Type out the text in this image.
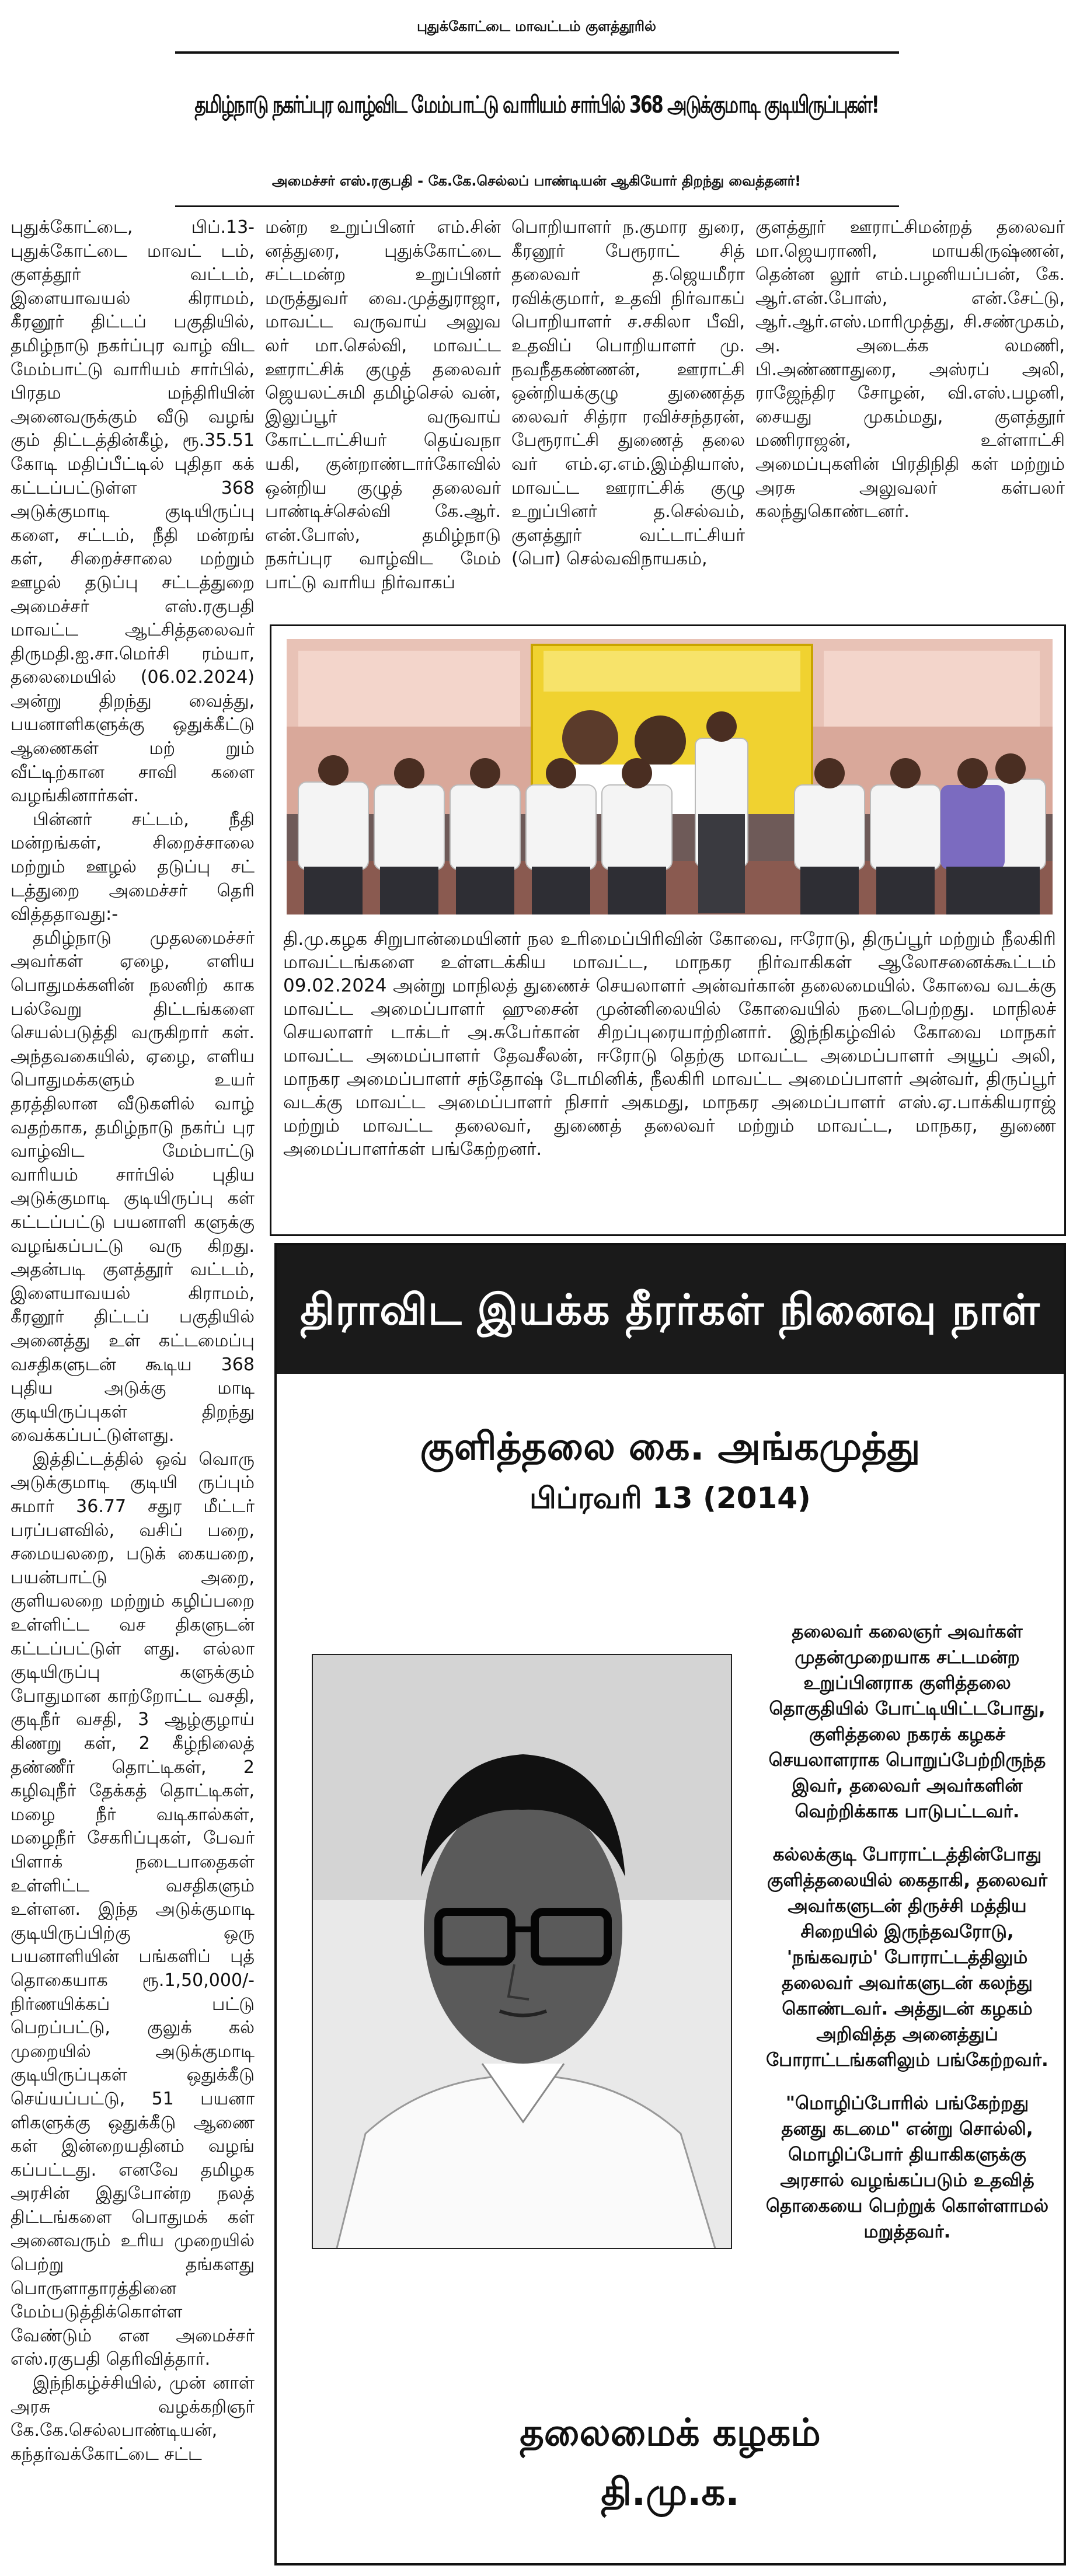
புதுக்கோட்டை மாவட்டம் குளத்தூரில்
தமிழ்நாடு நகர்ப்புர வாழ்விட மேம்பாட்டு வாரியம் சார்பில் 368 அடுக்குமாடி குடியிருப்புகள்!
அமைச்சர் எஸ்.ரகுபதி - கே.கே.செல்லப் பாண்டியன் ஆகியோர் திறந்து வைத்தனர்!

புதுக்கோட்டை, பிப்.13- புதுக்கோட்டை மாவட் டம், குளத்தூர் வட்டம், இளையாவயல் கிராமம், கீரனூர் திட்டப் பகுதியில், தமிழ்நாடு நகர்ப்புர வாழ் விட மேம்பாட்டு வாரியம் சார்பில், பிரதம மந்திரியின் அனைவருக்கும் வீடு வழங் கும் திட்டத்தின்கீழ், ரூ.35.51 கோடி மதிப்பீட்டில் புதிதா கக் கட்டப்பட்டுள்ள 368 அடுக்குமாடி குடியிருப்பு களை, சட்டம், நீதி மன்றங் கள், சிறைச்சாலை மற்றும் ஊழல் தடுப்பு சட்டத்துறை அமைச்சர் எஸ்.ரகுபதி மாவட்ட ஆட்சித்தலைவர் திருமதி.ஐ.சா.மெர்சி ரம்யா, தலைமையில் (06.02.2024) அன்று திறந்து வைத்து, பயனாளிகளுக்கு ஒதுக்கீட்டு ஆணைகள் மற் றும் வீட்டிற்கான சாவி களை வழங்கினார்கள்.

பின்னர் சட்டம், நீதி மன்றங்கள், சிறைச்சாலை மற்றும் ஊழல் தடுப்பு சட் டத்துறை அமைச்சர் தெரி வித்ததாவது:-

தமிழ்நாடு முதலமைச்சர் அவர்கள் ஏழை, எளிய பொதுமக்களின் நலனிற் காக பல்வேறு திட்டங்களை செயல்படுத்தி வருகிறார் கள். அந்தவகையில், ஏழை, எளிய பொதுமக்களும் உயர் தரத்திலான வீடுகளில் வாழ் வதற்காக, தமிழ்நாடு நகர்ப் புர வாழ்விட மேம்பாட்டு வாரியம் சார்பில் புதிய அடுக்குமாடி குடியிருப்பு கள் கட்டப்பட்டு பயனாளி களுக்கு வழங்கப்பட்டு வரு கிறது. அதன்படி குளத்தூர் வட்டம், இளையாவயல் கிராமம், கீரனூர் திட்டப் பகுதியில் அனைத்து உள் கட்டமைப்பு வசதிகளுடன் கூடிய 368 புதிய அடுக்கு மாடி குடியிருப்புகள் திறந்து வைக்கப்பட்டுள்ளது.

இத்திட்டத்தில் ஒவ் வொரு அடுக்குமாடி குடியி ருப்பும் சுமார் 36.77 சதுர மீட்டர் பரப்பளவில், வசிப் பறை, சமையலறை, படுக் கையறை, பயன்பாட்டு அறை, குளியலறை மற்றும் கழிப்பறை உள்ளிட்ட வச திகளுடன் கட்டப்பட்டுள் ளது. எல்லா குடியிருப்பு களுக்கும் போதுமான காற்றோட்ட வசதி, குடிநீர் வசதி, 3 ஆழ்குழாய் கிணறு கள், 2 கீழ்நிலைத் தண்ணீர் தொட்டிகள், 2 கழிவுநீர் தேக்கத் தொட்டிகள், மழை நீர் வடிகால்கள், மழைநீர் சேகரிப்புகள், பேவர் பிளாக் நடைபாதைகள் உள்ளிட்ட வசதிகளும் உள்ளன. இந்த அடுக்குமாடி குடியிருப்பிற்கு ஒரு பயனாளியின் பங்களிப் புத் தொகையாக ரூ.1,50,000/- நிர்ணயிக்கப் பட்டு பெறப்பட்டு, குலுக் கல் முறையில் அடுக்குமாடி குடியிருப்புகள் ஒதுக்கீடு செய்யப்பட்டு, 51 பயனா ளிகளுக்கு ஒதுக்கீடு ஆணை கள் இன்றையதினம் வழங் கப்பட்டது. எனவே தமிழக அரசின் இதுபோன்ற நலத் திட்டங்களை பொதுமக் கள் அனைவரும் உரிய முறையில் பெற்று தங்களது பொருளாதாரத்தினை மேம்படுத்திக்கொள்ள வேண்டும் என அமைச்சர் எஸ்.ரகுபதி தெரிவித்தார்.

இந்நிகழ்ச்சியில், முன் னாள் அரசு வழக்கறிஞர் கே.கே.செல்லபாண்டியன், கந்தர்வக்கோட்டை சட்ட

மன்ற உறுப்பினர் எம்.சின் னத்துரை, புதுக்கோட்டை சட்டமன்ற உறுப்பினர் மருத்துவர் வை.முத்துராஜா, மாவட்ட வருவாய் அலுவ லர் மா.செல்வி, மாவட்ட ஊராட்சிக் குழுத் தலைவர் ஜெயலட்சுமி தமிழ்செல் வன், இலுப்பூர் வருவாய் கோட்டாட்சியர் தெய்வநா யகி, குன்றாண்டார்கோவில் ஒன்றிய குழுத் தலைவர் பாண்டிச்செல்வி கே.ஆர். என்.போஸ், தமிழ்நாடு நகர்ப்புர வாழ்விட மேம் பாட்டு வாரிய நிர்வாகப்

பொறியாளர் ந.குமார துரை, கீரனூர் பேரூராட் சித் தலைவர் த.ஜெயமீரா ரவிக்குமார், உதவி நிர்வாகப் பொறியாளர் ச.சகிலா பீவி, உதவிப் பொறியாளர் மு. நவநீதகண்ணன், ஊராட்சி ஒன்றியக்குழு துணைத்த லைவர் சித்ரா ரவிச்சந்தரன், பேரூராட்சி துணைத் தலை வர் எம்.ஏ.எம்.இம்தியாஸ், மாவட்ட ஊராட்சிக் குழு உறுப்பினர் த.செல்வம், குளத்தூர் வட்டாட்சியர் (பொ) செல்வவிநாயகம்,

குளத்தூர் ஊராட்சிமன்றத் தலைவர் மா.ஜெயராணி, மாயகிருஷ்ணன், தென்ன லூர் எம்.பழனியப்பன், கே. ஆர்.என்.போஸ், என்.சேட்டு, ஆர்.ஆர்.எஸ்.மாரிமுத்து, சி.சண்முகம், அ. அடைக்க லமணி, பி.அண்ணாதுரை, அஸ்ரப் அலி, ராஜேந்திர சோழன், வி.எஸ்.பழனி, சையது முகம்மது, குளத்தூர் மணிராஜன், உள்ளாட்சி அமைப்புகளின் பிரதிநிதி கள் மற்றும் அரசு அலுவலர் கள்பலர் கலந்துகொண்டனர்.

தி.மு.கழக சிறுபான்மையினர் நல உரிமைப்பிரிவின் கோவை, ஈரோடு, திருப்பூர் மற்றும் நீலகிரி மாவட்டங்களை உள்ளடக்கிய மாவட்ட, மாநகர நிர்வாகிகள் ஆலோசனைக்கூட்டம் 09.02.2024 அன்று மாநிலத் துணைச் செயலாளர் அன்வர்கான் தலைமையில். கோவை வடக்கு மாவட்ட அமைப்பாளர் ஹுசைன் முன்னிலையில் கோவையில் நடைபெற்றது. மாநிலச் செயலாளர் டாக்டர் அ.சுபேர்கான் சிறப்புரையாற்றினார். இந்நிகழ்வில் கோவை மாநகர் மாவட்ட அமைப்பாளர் தேவசீலன், ஈரோடு தெற்கு மாவட்ட அமைப்பாளர் அயூப் அலி, மாநகர அமைப்பாளர் சந்தோஷ் டோமினிக், நீலகிரி மாவட்ட அமைப்பாளர் அன்வர், திருப்பூர் வடக்கு மாவட்ட அமைப்பாளர் நிசார் அகமது, மாநகர அமைப்பாளர் எஸ்.ஏ.பாக்கியராஜ் மற்றும் மாவட்ட தலைவர், துணைத் தலைவர் மற்றும் மாவட்ட, மாநகர, துணை அமைப்பாளர்கள் பங்கேற்றனர்.
திராவிட இயக்க தீரர்கள் நினைவு நாள்
குளித்தலை கை. அங்கமுத்து
பிப்ரவரி 13 (2014)

தலைவர் கலைஞர் அவர்கள் முதன்முறையாக சட்டமன்ற உறுப்பினராக குளித்தலை தொகுதியில் போட்டியிட்டபோது, குளித்தலை நகரக் கழகச் செயலாளராக பொறுப்பேற்றிருந்த இவர், தலைவர் அவர்களின் வெற்றிக்காக பாடுபட்டவர்.

கல்லக்குடி போராட்டத்தின்போது குளித்தலையில் கைதாகி, தலைவர் அவர்களுடன் திருச்சி மத்திய சிறையில் இருந்தவரோடு, 'நங்கவரம்' போராட்டத்திலும் தலைவர் அவர்களுடன் கலந்து கொண்டவர். அத்துடன் கழகம் அறிவித்த அனைத்துப் போராட்டங்களிலும் பங்கேற்றவர்.

"மொழிப்போரில் பங்கேற்றது தனது கடமை" என்று சொல்லி, மொழிப்போர் தியாகிகளுக்கு அரசால் வழங்கப்படும் உதவித் தொகையை பெற்றுக் கொள்ளாமல் மறுத்தவர்.

தலைமைக் கழகம்
தி.மு.க.
